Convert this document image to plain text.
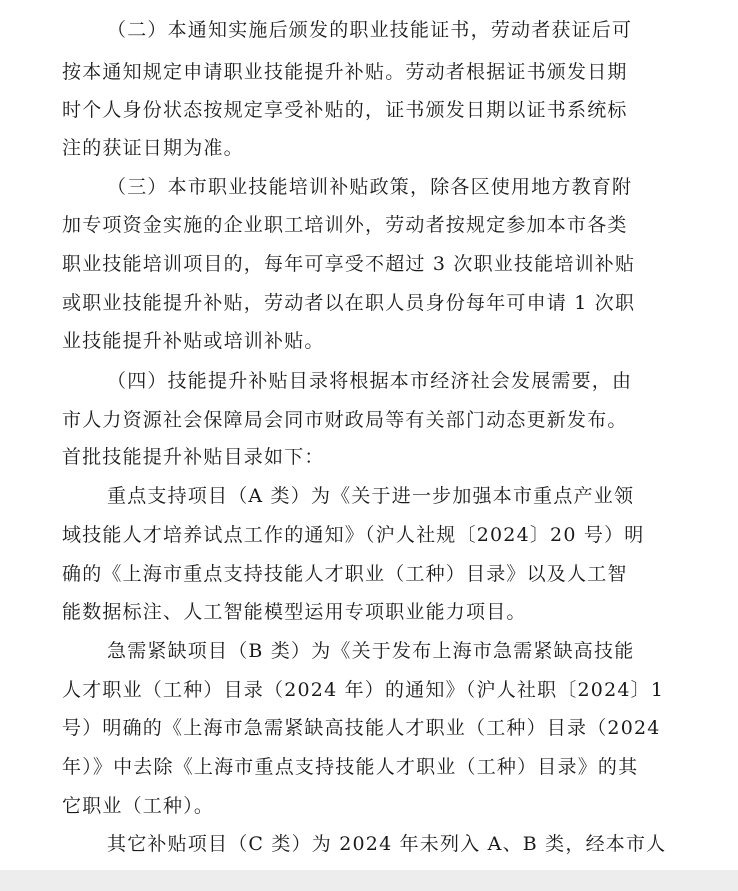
（二）本通知实施后颁发的职业技能证书，劳动者获证后可
按本通知规定申请职业技能提升补贴。劳动者根据证书颁发日期
时个人身份状态按规定享受补贴的，证书颁发日期以证书系统标
注的获证日期为准。
（三）本市职业技能培训补贴政策，除各区使用地方教育附
加专项资金实施的企业职工培训外，劳动者按规定参加本市各类
职业技能培训项目的，每年可享受不超过 3 次职业技能培训补贴
或职业技能提升补贴，劳动者以在职人员身份每年可申请 1 次职
业技能提升补贴或培训补贴。
（四）技能提升补贴目录将根据本市经济社会发展需要，由
市人力资源社会保障局会同市财政局等有关部门动态更新发布。
首批技能提升补贴目录如下：
重点支持项目（A 类）为《关于进一步加强本市重点产业领
域技能人才培养试点工作的通知》（沪人社规〔2024〕20 号）明
确的《上海市重点支持技能人才职业（工种）目录》以及人工智
能数据标注、人工智能模型运用专项职业能力项目。
急需紧缺项目（B 类）为《关于发布上海市急需紧缺高技能
人才职业（工种）目录（2024 年）的通知》（沪人社职〔2024〕1
号）明确的《上海市急需紧缺高技能人才职业（工种）目录（2024
年）》中去除《上海市重点支持技能人才职业（工种）目录》的其
它职业（工种）。
其它补贴项目（C 类）为 2024 年未列入 A、B 类，经本市人
